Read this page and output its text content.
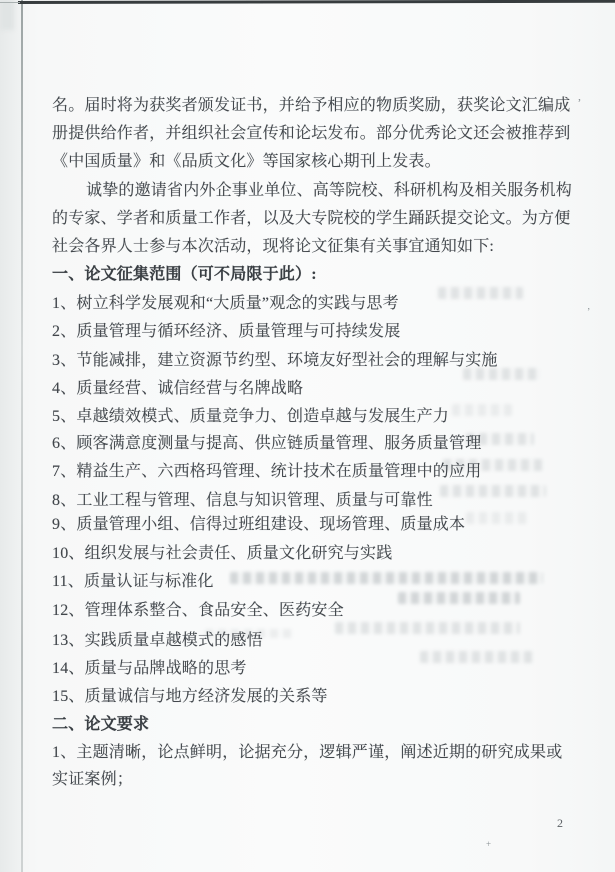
,
’
+
名。届时将为获奖者颁发证书，并给予相应的物质奖励，获奖论文汇编成
册提供给作者，并组织社会宣传和论坛发布。部分优秀论文还会被推荐到
《中国质量》和《品质文化》等国家核心期刊上发表。
诚挚的邀请省内外企事业单位、高等院校、科研机构及相关服务机构
的专家、学者和质量工作者，以及大专院校的学生踊跃提交论文。为方便
社会各界人士参与本次活动，现将论文征集有关事宜通知如下:
一、论文征集范围（可不局限于此）:
1、树立科学发展观和“大质量”观念的实践与思考
2、质量管理与循环经济、质量管理与可持续发展
3、节能减排，建立资源节约型、环境友好型社会的理解与实施
4、质量经营、诚信经营与名牌战略
5、卓越绩效模式、质量竞争力、创造卓越与发展生产力
6、顾客满意度测量与提高、供应链质量管理、服务质量管理
7、精益生产、六西格玛管理、统计技术在质量管理中的应用
8、工业工程与管理、信息与知识管理、质量与可靠性
9、质量管理小组、信得过班组建设、现场管理、质量成本
10、组织发展与社会责任、质量文化研究与实践
11、质量认证与标准化
12、管理体系整合、食品安全、医药安全
13、实践质量卓越模式的感悟
14、质量与品牌战略的思考
15、质量诚信与地方经济发展的关系等
二、论文要求
1、主题清晰，论点鲜明，论据充分，逻辑严谨，阐述近期的研究成果或
实证案例；
2
